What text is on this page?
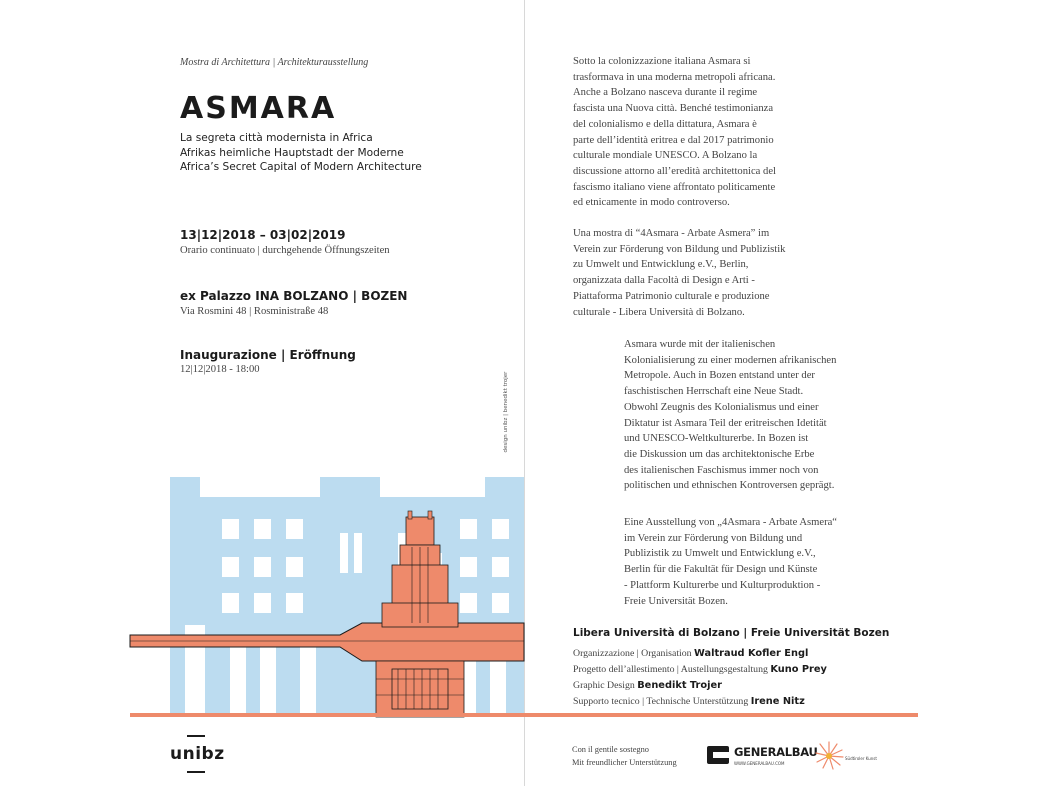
Mostra di Architettura | Architekturausstellung
ASMARA
La segreta città modernista in Africa
Afrikas heimliche Hauptstadt der Moderne
Africa’s Secret Capital of Modern Architecture
13|12|2018 – 03|02|2019
Orario continuato | durchgehende Öffnungszeiten
ex Palazzo INA BOLZANO | BOZEN
Via Rosmini 48 | Rosministraße 48
Inaugurazione | Eröffnung
12|12|2018 - 18:00
design unibz | benedikt trojer
unibz
Sotto la colonizzazione italiana Asmara si
trasformava in una moderna metropoli africana.
Anche a Bolzano nasceva durante il regime
fascista una Nuova città. Benché testimonianza
del colonialismo e della dittatura, Asmara è
parte dell’identità eritrea e dal 2017 patrimonio
culturale mondiale UNESCO. A Bolzano la
discussione attorno all’eredità architettonica del
fascismo italiano viene affrontato politicamente
ed etnicamente in modo controverso.
Una mostra di “4Asmara - Arbate Asmera” im
Verein zur Förderung von Bildung und Publizistik
zu Umwelt und Entwicklung e.V., Berlin,
organizzata dalla Facoltà di Design e Arti -
Piattaforma Patrimonio culturale e produzione
culturale - Libera Università di Bolzano.
Asmara wurde mit der italienischen
Kolonialisierung zu einer modernen afrikanischen
Metropole. Auch in Bozen entstand unter der
faschistischen Herrschaft eine Neue Stadt.
Obwohl Zeugnis des Kolonialismus und einer
Diktatur ist Asmara Teil der eritreischen Idetität
und UNESCO-Weltkulturerbe. In Bozen ist
die Diskussion um das architektonische Erbe
des italienischen Faschismus immer noch von
politischen und ethnischen Kontroversen geprägt.
Eine Ausstellung von „4Asmara - Arbate Asmera“
im Verein zur Förderung von Bildung und
Publizistik zu Umwelt und Entwicklung e.V.,
Berlin für die Fakultät für Design und Künste
- Plattform Kulturerbe und Kulturproduktion -
Freie Universität Bozen.
Libera Università di Bolzano | Freie Universität Bozen
Organizzazione | Organisation Waltraud Kofler Engl
Progetto dell’allestimento | Austellungsgestaltung Kuno Prey
Graphic Design Benedikt Trojer
Supporto tecnico | Technische Unterstützung Irene Nitz
Con il gentile sostegno
Mit freundlicher Unterstützung
GENERALBAU
WWW.GENERALBAU.COM
Südtiroler Kunst
